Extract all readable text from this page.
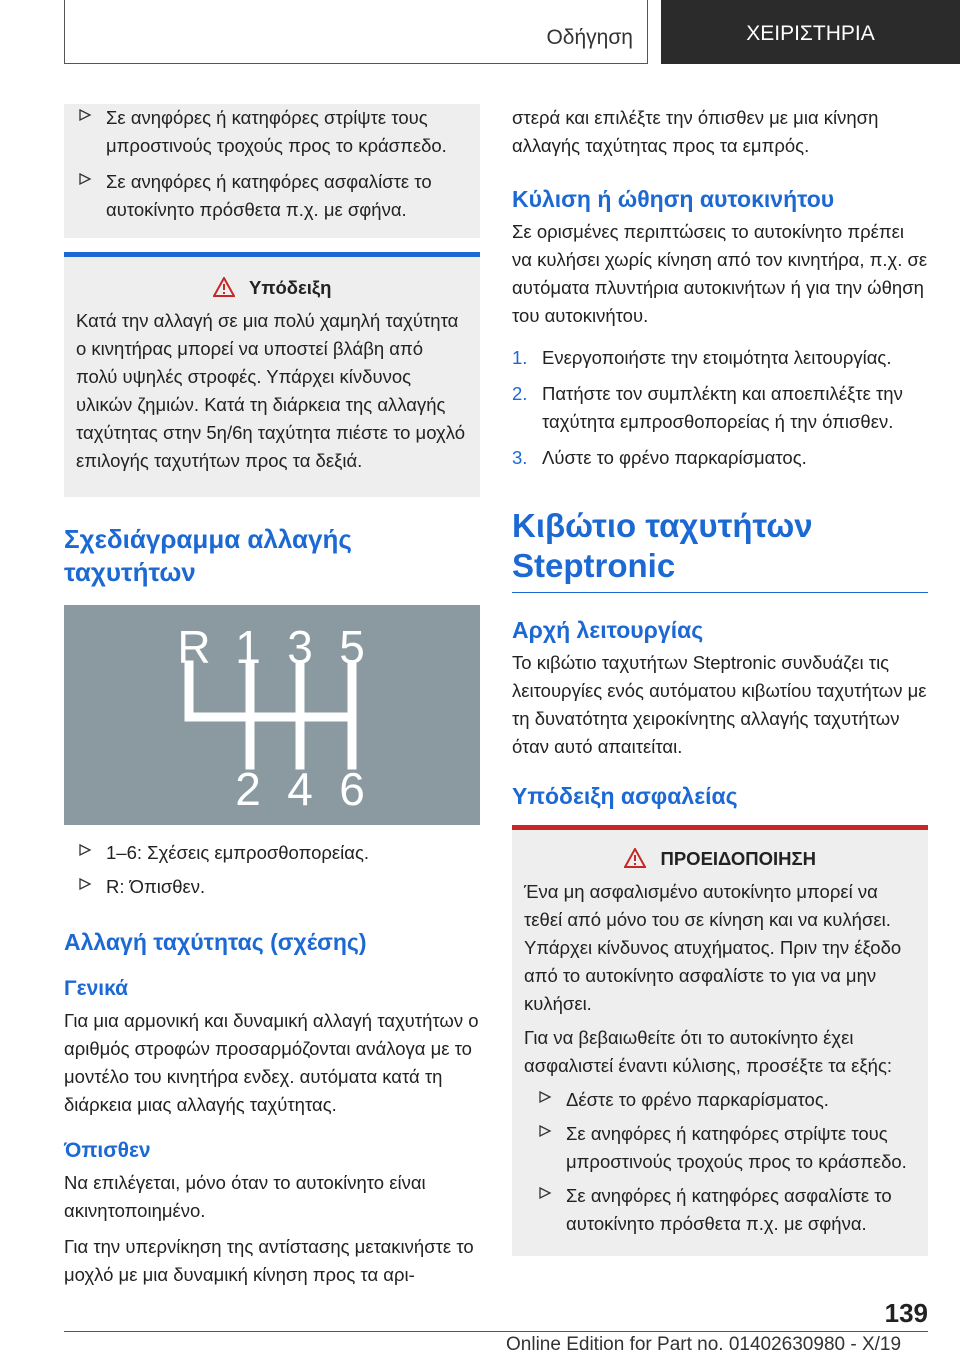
Οδήγηση	ΧΕΙΡΙΣΤΗΡΙΑ
Σε ανηφόρες ή κατηφόρες στρίψτε τους μπροστινούς τροχούς προς το κράσπεδο.
Σε ανηφόρες ή κατηφόρες ασφαλίστε το αυτοκίνητο πρόσθετα π.χ. με σφήνα.
Υπόδειξη

Κατά την αλλαγή σε μια πολύ χαμηλή ταχύτητα ο κινητήρας μπορεί να υποστεί βλάβη από πολύ υψηλές στροφές. Υπάρχει κίνδυνος υλικών ζημιών. Κατά τη διάρκεια της αλλαγής ταχύτητας στην 5η/6η ταχύτητα πιέστε το μοχλό επιλογής ταχυτήτων προς τα δεξιά.

Σχεδιάγραμμα αλλαγής ταχυτήτων
R 1 3 5
2 4 6
1–6: Σχέσεις εμπροσθοπορείας.
R: Όπισθεν.
Αλλαγή ταχύτητας (σχέσης)
Γενικά

Για μια αρμονική και δυναμική αλλαγή ταχυτήτων ο αριθμός στροφών προσαρμόζονται ανάλογα με το μοντέλο του κινητήρα ενδεχ. αυτόματα κατά τη διάρκεια μιας αλλαγής ταχύτητας.

Όπισθεν

Να επιλέγεται, μόνο όταν το αυτοκίνητο είναι ακινητοποιημένο.

Για την υπερνίκηση της αντίστασης μετακινήστε το μοχλό με μια δυναμική κίνηση προς τα αρι-

στερά και επιλέξτε την όπισθεν με μια κίνηση αλλαγής ταχύτητας προς τα εμπρός.

Κύλιση ή ώθηση αυτοκινήτου

Σε ορισμένες περιπτώσεις το αυτοκίνητο πρέπει να κυλήσει χωρίς κίνηση από τον κινητήρα, π.χ. σε αυτόματα πλυντήρια αυτοκινήτων ή για την ώθηση του αυτοκινήτου.

1. Ενεργοποιήστε την ετοιμότητα λειτουργίας.
2. Πατήστε τον συμπλέκτη και αποεπιλέξτε την ταχύτητα εμπροσθοπορείας ή την όπισθεν.
3. Λύστε το φρένο παρκαρίσματος.
Κιβώτιο ταχυτήτων
Steptronic
Αρχή λειτουργίας

Το κιβώτιο ταχυτήτων Steptronic συνδυάζει τις λειτουργίες ενός αυτόματου κιβωτίου ταχυτήτων με τη δυνατότητα χειροκίνητης αλλαγής ταχυτήτων όταν αυτό απαιτείται.

Υπόδειξη ασφαλείας
ΠΡΟΕΙΔΟΠΟΙΗΣΗ

Ένα μη ασφαλισμένο αυτοκίνητο μπορεί να τεθεί από μόνο του σε κίνηση και να κυλήσει. Υπάρχει κίνδυνος ατυχήματος. Πριν την έξοδο από το αυτοκίνητο ασφαλίστε το για να μην κυλήσει.

Για να βεβαιωθείτε ότι το αυτοκίνητο έχει ασφαλιστεί έναντι κύλισης, προσέξτε τα εξής:

Δέστε το φρένο παρκαρίσματος.
Σε ανηφόρες ή κατηφόρες στρίψτε τους μπροστινούς τροχούς προς το κράσπεδο.
Σε ανηφόρες ή κατηφόρες ασφαλίστε το αυτοκίνητο πρόσθετα π.χ. με σφήνα.
139
Online Edition for Part no. 01402630980 - X/19
